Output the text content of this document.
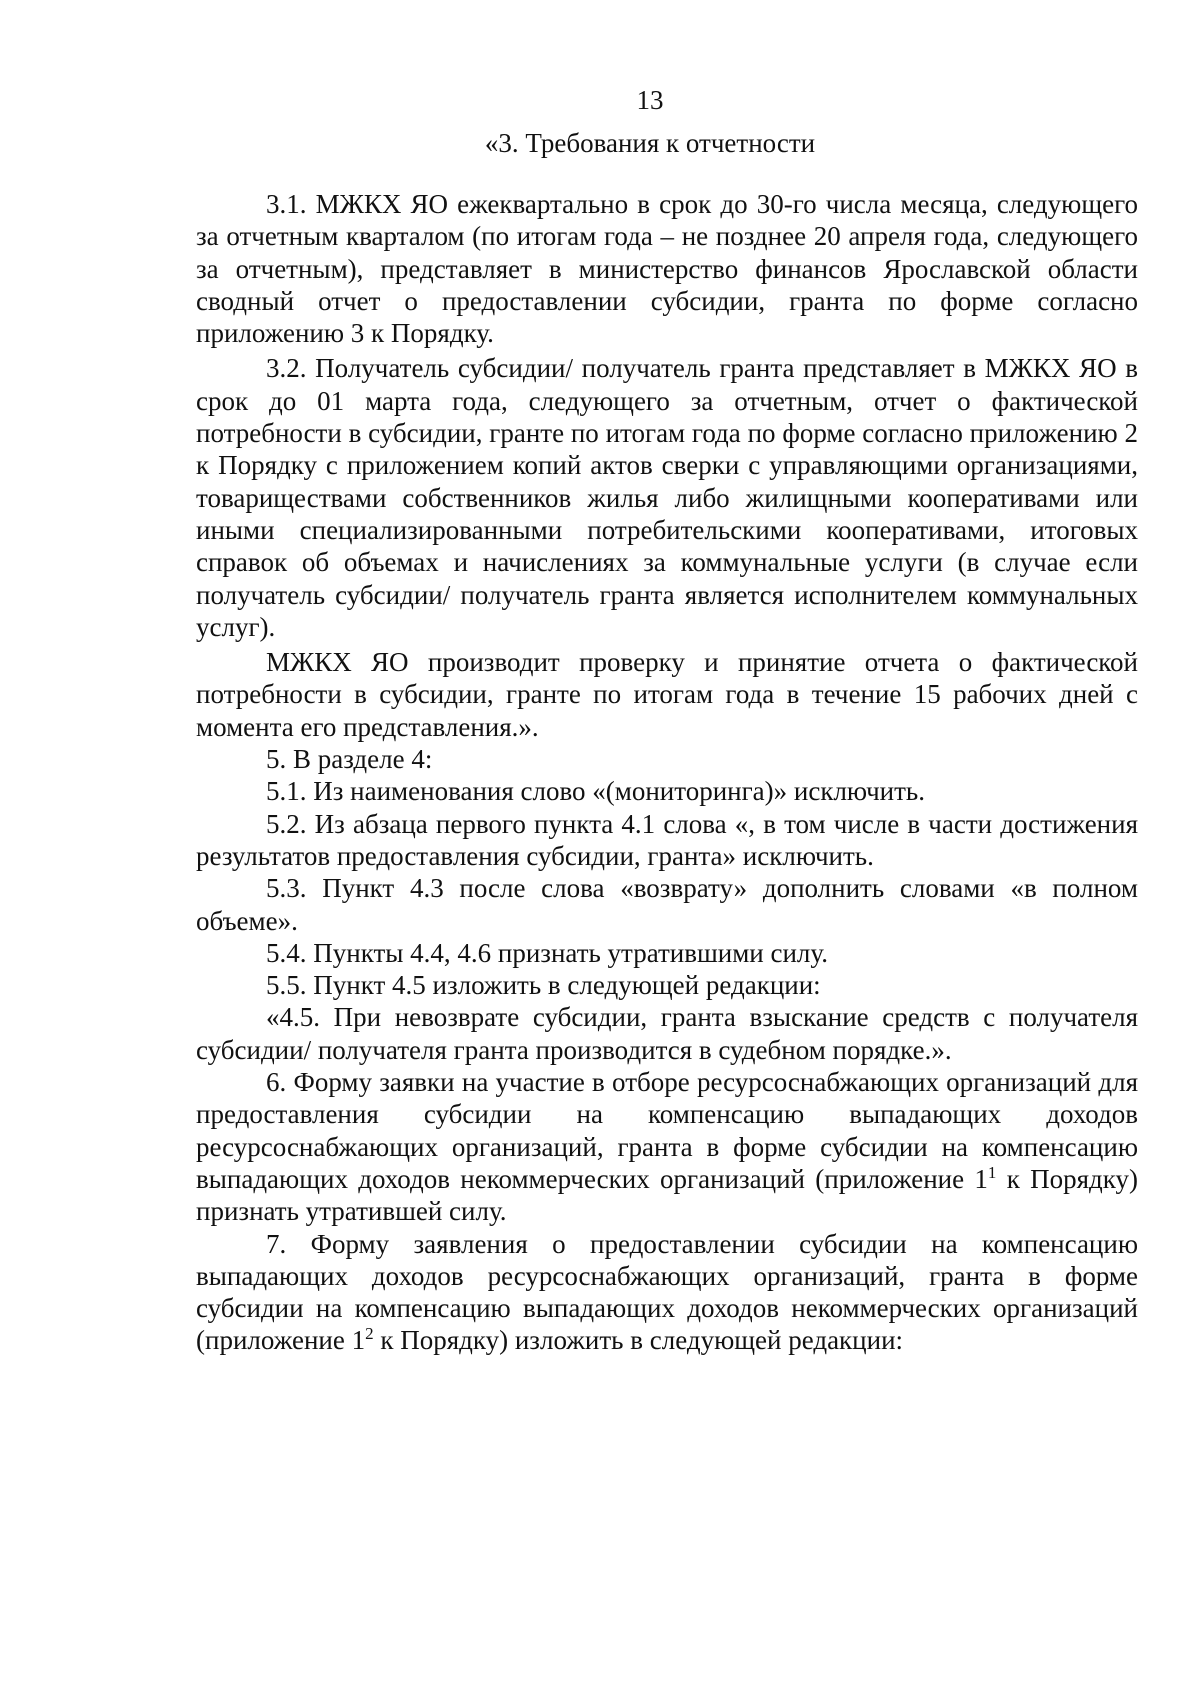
13
«3. Требования к отчетности

3.1. МЖКХ ЯО ежеквартально в срок до 30-го числа месяца, следующего за отчетным кварталом (по итогам года – не позднее 20 апреля года, следующего за отчетным), представляет в министерство финансов Ярославской области сводный отчет о предоставлении субсидии, гранта по форме согласно приложению 3 к Порядку.

3.2. Получатель субсидии/ получатель гранта представляет в МЖКХ ЯО в срок до 01 марта года, следующего за отчетным, отчет о фактической потребности в субсидии, гранте по итогам года по форме согласно приложению 2 к Порядку с приложением копий актов сверки с управляющими организациями, товариществами собственников жилья либо жилищными кооперативами или иными специализированными потребительскими кооперативами, итоговых справок об объемах и начислениях за коммунальные услуги (в случае если получатель субсидии/ получатель гранта является исполнителем коммунальных услуг).

МЖКХ ЯО производит проверку и принятие отчета о фактической потребности в субсидии, гранте по итогам года в течение 15 рабочих дней с момента его представления.».

5. В разделе 4:

5.1. Из наименования слово «(мониторинга)» исключить.

5.2. Из абзаца первого пункта 4.1 слова «, в том числе в части достижения результатов предоставления субсидии, гранта» исключить.

5.3. Пункт 4.3 после слова «возврату» дополнить словами «в полном объеме».

5.4. Пункты 4.4, 4.6 признать утратившими силу.

5.5. Пункт 4.5 изложить в следующей редакции:

«4.5. При невозврате субсидии, гранта взыскание средств с получателя субсидии/ получателя гранта производится в судебном порядке.».

6. Форму заявки на участие в отборе ресурсоснабжающих организаций для предоставления субсидии на компенсацию выпадающих доходов ресурсоснабжающих организаций, гранта в форме субсидии на компенсацию выпадающих доходов некоммерческих организаций (приложение $1^1$ к Порядку) признать утратившей силу.

7. Форму заявления о предоставлении субсидии на компенсацию выпадающих доходов ресурсоснабжающих организаций, гранта в форме субсидии на компенсацию выпадающих доходов некоммерческих организаций (приложение $1^2$ к Порядку) изложить в следующей редакции:
